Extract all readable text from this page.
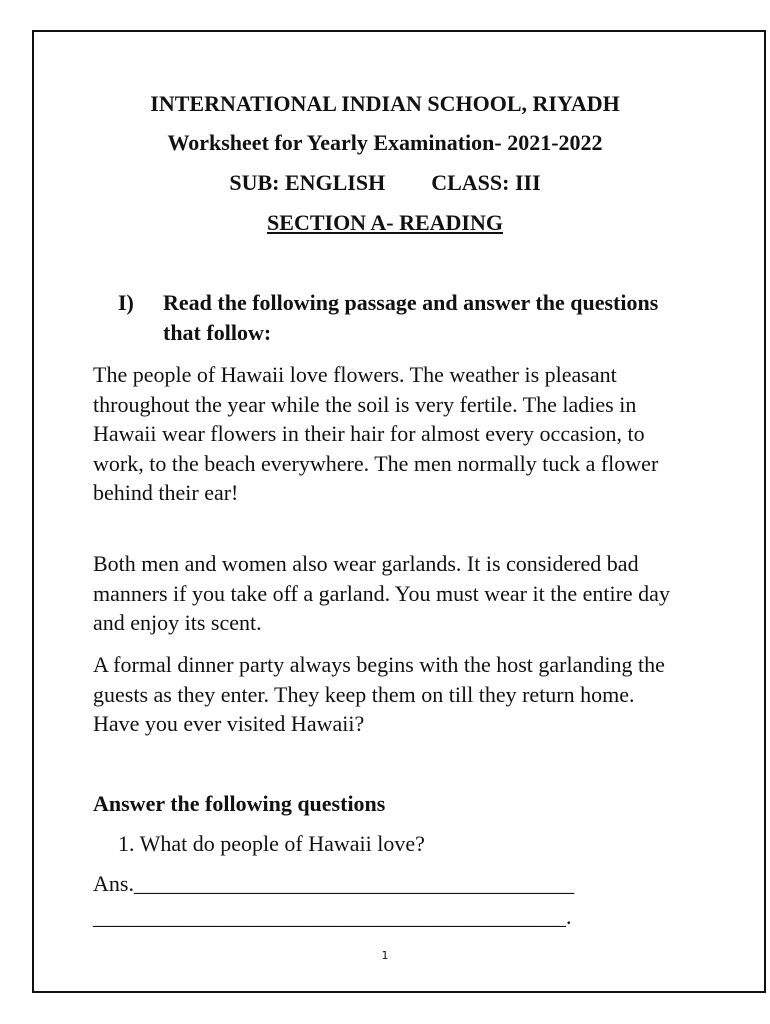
INTERNATIONAL INDIAN SCHOOL, RIYADH
Worksheet for Yearly Examination- 2021-2022
SUB: ENGLISH CLASS: III
SECTION A- READING
I) Read the following passage and answer the questions that follow:

The people of Hawaii love flowers. The weather is pleasant throughout the year while the soil is very fertile. The ladies in Hawaii wear flowers in their hair for almost every occasion, to work, to the beach everywhere. The men normally tuck a flower behind their ear!

Both men and women also wear garlands. It is considered bad manners if you take off a garland. You must wear it the entire day and enjoy its scent.

A formal dinner party always begins with the host garlanding the guests as they enter. They keep them on till they return home. Have you ever visited Hawaii?

Answer the following questions
1. What do people of Hawaii love?
Ans.________________________________________
___________________________________________.
1
